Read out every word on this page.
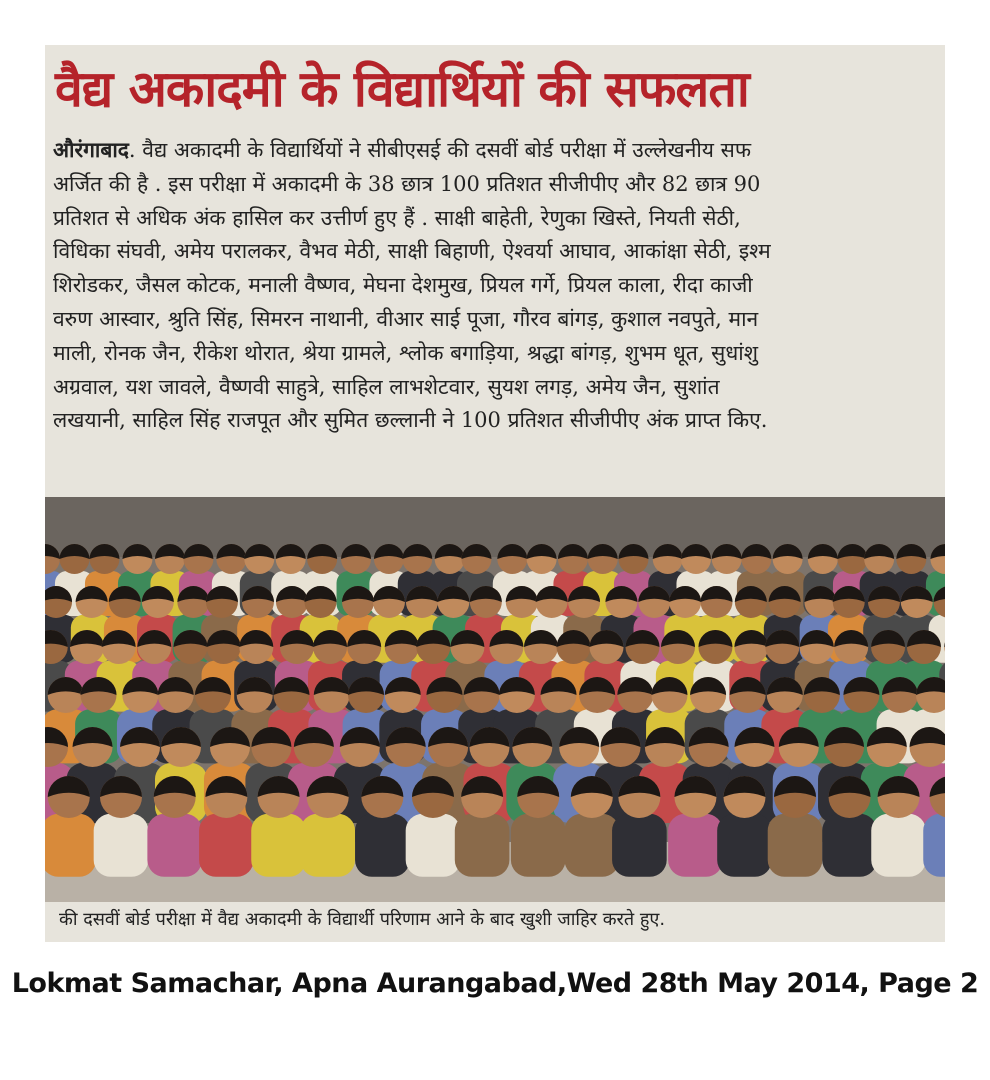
वैद्य अकादमी के विद्यार्थियों की सफलता
औरंगाबाद. वैद्य अकादमी के विद्यार्थियों ने सीबीएसई की दसवीं बोर्ड परीक्षा में उल्लेखनीय सफ
अर्जित की है . इस परीक्षा में अकादमी के 38 छात्र 100 प्रतिशत सीजीपीए और 82 छात्र 90
प्रतिशत से अधिक अंक हासिल कर उत्तीर्ण हुए हैं . साक्षी बाहेती, रेणुका खिस्ते, नियती सेठी,
विधिका संघवी, अमेय परालकर, वैभव मेठी, साक्षी बिहाणी, ऐश्वर्या आघाव, आकांक्षा सेठी, इश्म
शिरोडकर, जैसल कोटक, मनाली वैष्णव, मेघना देशमुख, प्रियल गर्गे, प्रियल काला, रीदा काजी
वरुण आस्वार, श्रुति सिंह, सिमरन नाथानी, वीआर साई पूजा, गौरव बांगड़, कुशाल नवपुते, मान
माली, रोनक जैन, रीकेश थोरात, श्रेया ग्रामले, श्लोक बगाड़िया, श्रद्धा बांगड़, शुभम धूत, सुधांशु
अग्रवाल, यश जावले, वैष्णवी साहुत्रे, साहिल लाभशेटवार, सुयश लगड़, अमेय जैन, सुशांत
लखयानी, साहिल सिंह राजपूत और सुमित छल्लानी ने 100 प्रतिशत सीजीपीए अंक प्राप्त किए.

की दसवीं बोर्ड परीक्षा में वैद्य अकादमी के विद्यार्थी परिणाम आने के बाद खुशी जाहिर करते हुए.

Lokmat Samachar, Apna Aurangabad,Wed 28th May 2014, Page 2
